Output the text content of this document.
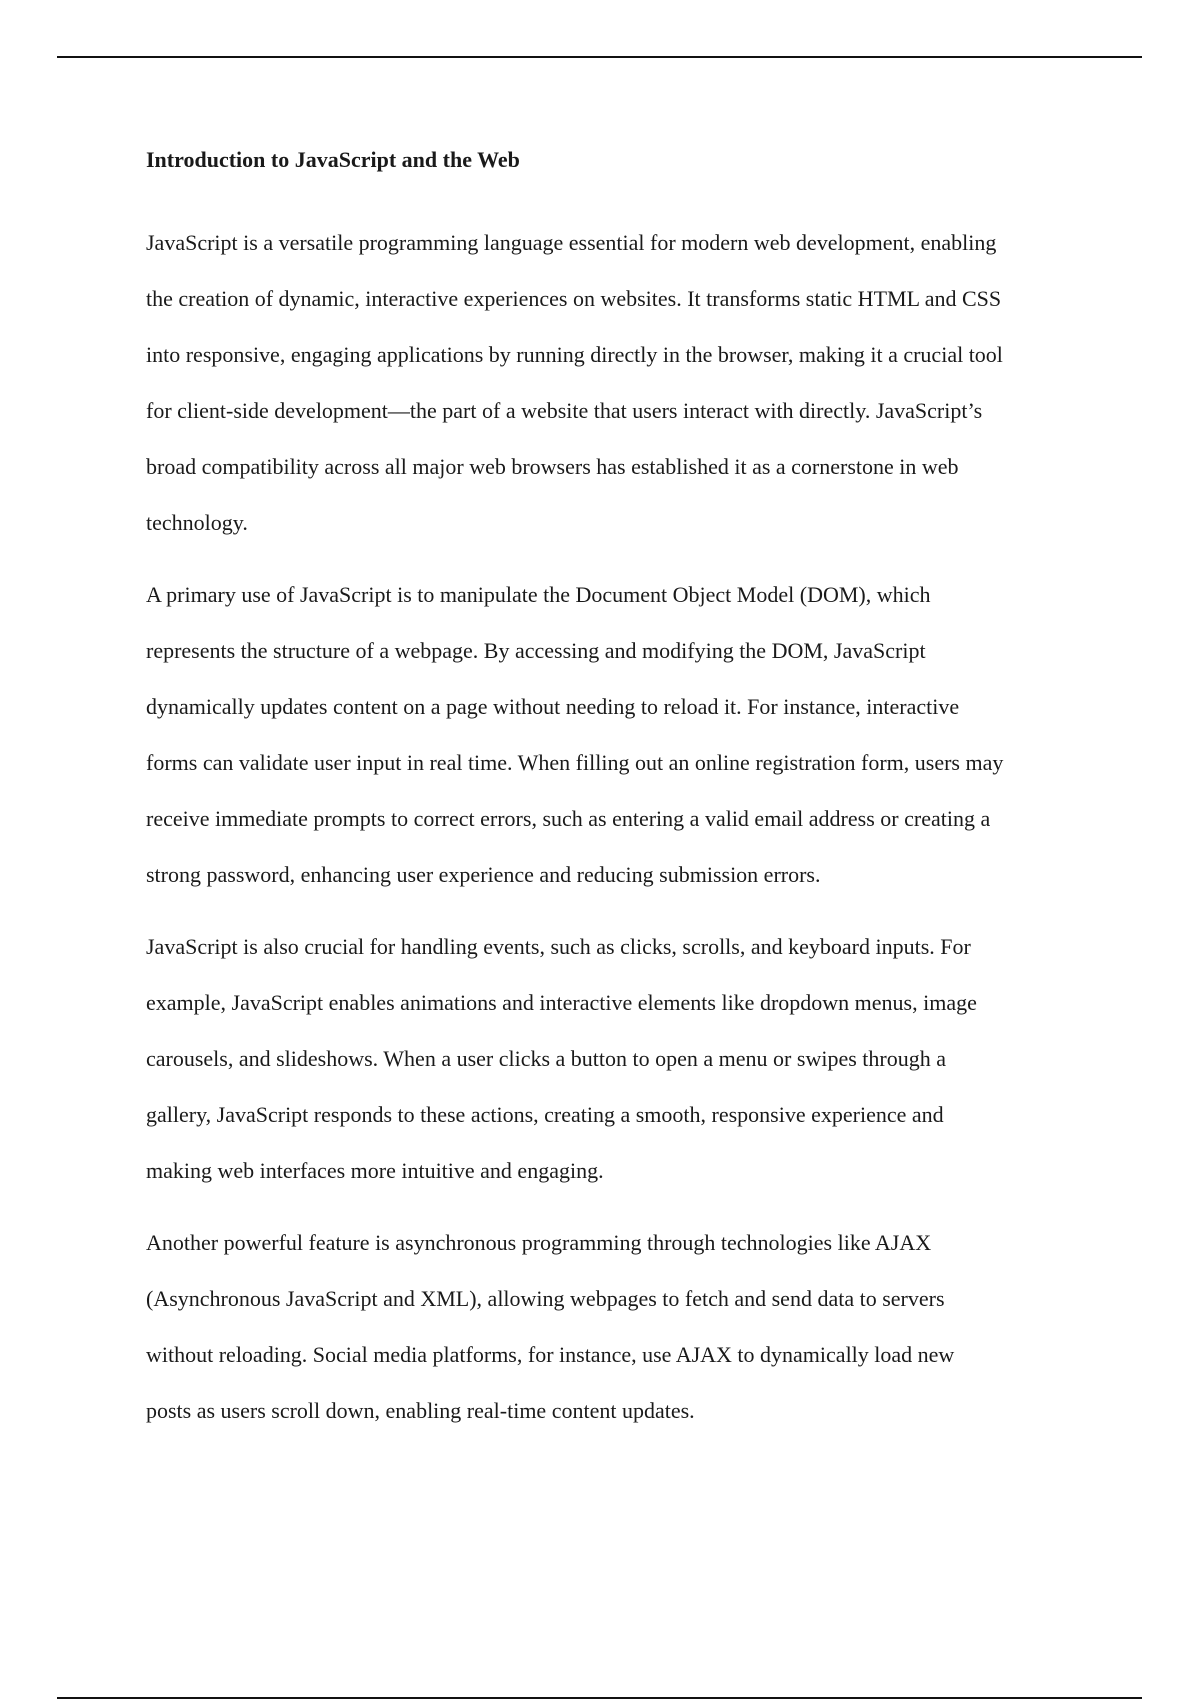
Introduction to JavaScript and the Web

JavaScript is a versatile programming language essential for modern web development, enabling
the creation of dynamic, interactive experiences on websites. It transforms static HTML and CSS
into responsive, engaging applications by running directly in the browser, making it a crucial tool
for client-side development—the part of a website that users interact with directly. JavaScript’s
broad compatibility across all major web browsers has established it as a cornerstone in web
technology.

A primary use of JavaScript is to manipulate the Document Object Model (DOM), which
represents the structure of a webpage. By accessing and modifying the DOM, JavaScript
dynamically updates content on a page without needing to reload it. For instance, interactive
forms can validate user input in real time. When filling out an online registration form, users may
receive immediate prompts to correct errors, such as entering a valid email address or creating a
strong password, enhancing user experience and reducing submission errors.

JavaScript is also crucial for handling events, such as clicks, scrolls, and keyboard inputs. For
example, JavaScript enables animations and interactive elements like dropdown menus, image
carousels, and slideshows. When a user clicks a button to open a menu or swipes through a
gallery, JavaScript responds to these actions, creating a smooth, responsive experience and
making web interfaces more intuitive and engaging.

Another powerful feature is asynchronous programming through technologies like AJAX
(Asynchronous JavaScript and XML), allowing webpages to fetch and send data to servers
without reloading. Social media platforms, for instance, use AJAX to dynamically load new
posts as users scroll down, enabling real-time content updates.
